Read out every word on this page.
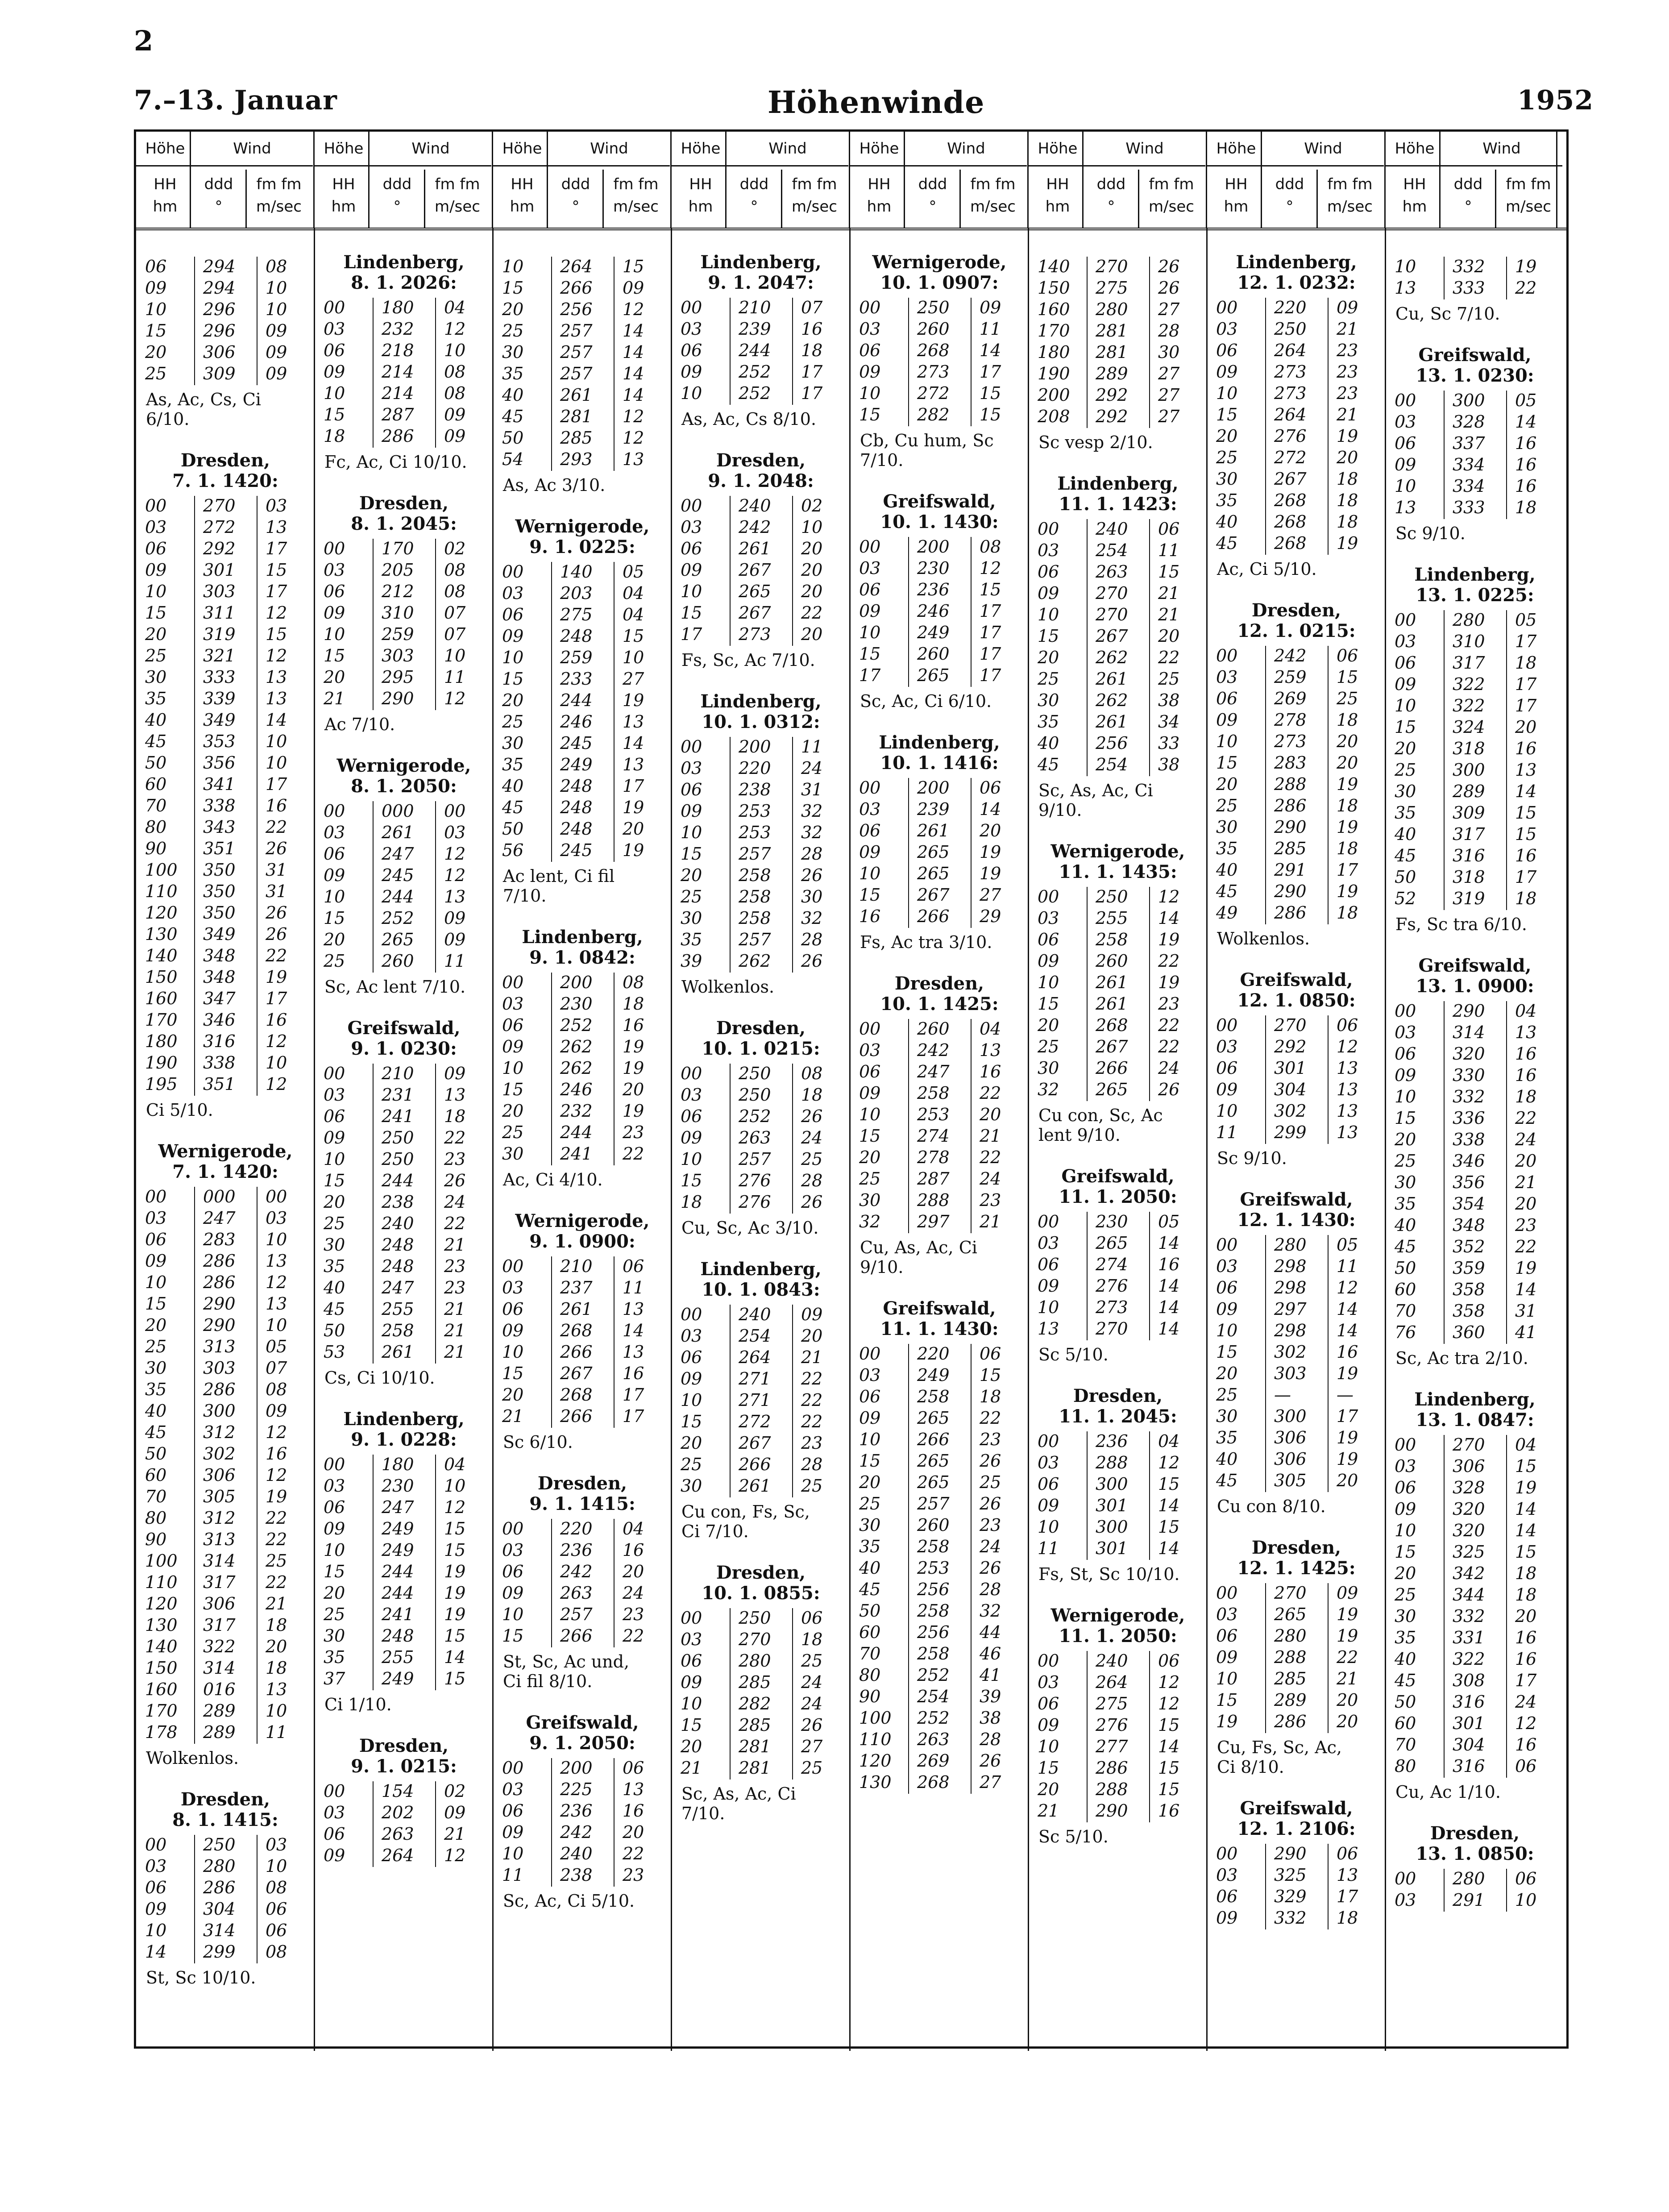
2
7.–13. Januar	Höhenwinde	1952
Höhe	Wind
HH	ddd	fm fm
hm	°	m/sec
Höhe	Wind
HH	ddd	fm fm
hm	°	m/sec
Höhe	Wind
HH	ddd	fm fm
hm	°	m/sec
Höhe	Wind
HH	ddd	fm fm
hm	°	m/sec
Höhe	Wind
HH	ddd	fm fm
hm	°	m/sec
Höhe	Wind
HH	ddd	fm fm
hm	°	m/sec
Höhe	Wind
HH	ddd	fm fm
hm	°	m/sec
Höhe	Wind
HH	ddd	fm fm
hm	°	m/sec
06 294 08
09 294 10
10 296 10
15 296 09
20 306 09
25 309 09
As, Ac, Cs, Ci
6/10.
Dresden,
7. 1. 1420:
00 270 03
03 272 13
06 292 17
09 301 15
10 303 17
15 311 12
20 319 15
25 321 12
30 333 13
35 339 13
40 349 14
45 353 10
50 356 10
60 341 17
70 338 16
80 343 22
90 351 26
100 350 31
110 350 31
120 350 26
130 349 26
140 348 22
150 348 19
160 347 17
170 346 16
180 316 12
190 338 10
195 351 12
Ci 5/10.
Wernigerode,
7. 1. 1420:
00 000 00
03 247 03
06 283 10
09 286 13
10 286 12
15 290 13
20 290 10
25 313 05
30 303 07
35 286 08
40 300 09
45 312 12
50 302 16
60 306 12
70 305 19
80 312 22
90 313 22
100 314 25
110 317 22
120 306 21
130 317 18
140 322 20
150 314 18
160 016 13
170 289 10
178 289 11
Wolkenlos.
Dresden,
8. 1. 1415:
00 250 03
03 280 10
06 286 08
09 304 06
10 314 06
14 299 08
St, Sc 10/10.
Lindenberg,
8. 1. 2026:
00 180 04
03 232 12
06 218 10
09 214 08
10 214 08
15 287 09
18 286 09
Fc, Ac, Ci 10/10.
Dresden,
8. 1. 2045:
00 170 02
03 205 08
06 212 08
09 310 07
10 259 07
15 303 10
20 295 11
21 290 12
Ac 7/10.
Wernigerode,
8. 1. 2050:
00 000 00
03 261 03
06 247 12
09 245 12
10 244 13
15 252 09
20 265 09
25 260 11
Sc, Ac lent 7/10.
Greifswald,
9. 1. 0230:
00 210 09
03 231 13
06 241 18
09 250 22
10 250 23
15 244 26
20 238 24
25 240 22
30 248 21
35 248 23
40 247 23
45 255 21
50 258 21
53 261 21
Cs, Ci 10/10.
Lindenberg,
9. 1. 0228:
00 180 04
03 230 10
06 247 12
09 249 15
10 249 15
15 244 19
20 244 19
25 241 19
30 248 15
35 255 14
37 249 15
Ci 1/10.
Dresden,
9. 1. 0215:
00 154 02
03 202 09
06 263 21
09 264 12
10 264 15
15 266 09
20 256 12
25 257 14
30 257 14
35 257 14
40 261 14
45 281 12
50 285 12
54 293 13
As, Ac 3/10.
Wernigerode,
9. 1. 0225:
00 140 05
03 203 04
06 275 04
09 248 15
10 259 10
15 233 27
20 244 19
25 246 13
30 245 14
35 249 13
40 248 17
45 248 19
50 248 20
56 245 19
Ac lent, Ci fil
7/10.
Lindenberg,
9. 1. 0842:
00 200 08
03 230 18
06 252 16
09 262 19
10 262 19
15 246 20
20 232 19
25 244 23
30 241 22
Ac, Ci 4/10.
Wernigerode,
9. 1. 0900:
00 210 06
03 237 11
06 261 13
09 268 14
10 266 13
15 267 16
20 268 17
21 266 17
Sc 6/10.
Dresden,
9. 1. 1415:
00 220 04
03 236 16
06 242 20
09 263 24
10 257 23
15 266 22
St, Sc, Ac und,
Ci fil 8/10.
Greifswald,
9. 1. 2050:
00 200 06
03 225 13
06 236 16
09 242 20
10 240 22
11 238 23
Sc, Ac, Ci 5/10.
Lindenberg,
9. 1. 2047:
00 210 07
03 239 16
06 244 18
09 252 17
10 252 17
As, Ac, Cs 8/10.
Dresden,
9. 1. 2048:
00 240 02
03 242 10
06 261 20
09 267 20
10 265 20
15 267 22
17 273 20
Fs, Sc, Ac 7/10.
Lindenberg,
10. 1. 0312:
00 200 11
03 220 24
06 238 31
09 253 32
10 253 32
15 257 28
20 258 26
25 258 30
30 258 32
35 257 28
39 262 26
Wolkenlos.
Dresden,
10. 1. 0215:
00 250 08
03 250 18
06 252 26
09 263 24
10 257 25
15 276 28
18 276 26
Cu, Sc, Ac 3/10.
Lindenberg,
10. 1. 0843:
00 240 09
03 254 20
06 264 21
09 271 22
10 271 22
15 272 22
20 267 23
25 266 28
30 261 25
Cu con, Fs, Sc,
Ci 7/10.
Dresden,
10. 1. 0855:
00 250 06
03 270 18
06 280 25
09 285 24
10 282 24
15 285 26
20 281 27
21 281 25
Sc, As, Ac, Ci
7/10.
Wernigerode,
10. 1. 0907:
00 250 09
03 260 11
06 268 14
09 273 17
10 272 15
15 282 15
Cb, Cu hum, Sc
7/10.
Greifswald,
10. 1. 1430:
00 200 08
03 230 12
06 236 15
09 246 17
10 249 17
15 260 17
17 265 17
Sc, Ac, Ci 6/10.
Lindenberg,
10. 1. 1416:
00 200 06
03 239 14
06 261 20
09 265 19
10 265 19
15 267 27
16 266 29
Fs, Ac tra 3/10.
Dresden,
10. 1. 1425:
00 260 04
03 242 13
06 247 16
09 258 22
10 253 20
15 274 21
20 278 22
25 287 24
30 288 23
32 297 21
Cu, As, Ac, Ci
9/10.
Greifswald,
11. 1. 1430:
00 220 06
03 249 15
06 258 18
09 265 22
10 266 23
15 265 26
20 265 25
25 257 26
30 260 23
35 258 24
40 253 26
45 256 28
50 258 32
60 256 44
70 258 46
80 252 41
90 254 39
100 252 38
110 263 28
120 269 26
130 268 27
140 270 26
150 275 26
160 280 27
170 281 28
180 281 30
190 289 27
200 292 27
208 292 27
Sc vesp 2/10.
Lindenberg,
11. 1. 1423:
00 240 06
03 254 11
06 263 15
09 270 21
10 270 21
15 267 20
20 262 22
25 261 25
30 262 38
35 261 34
40 256 33
45 254 38
Sc, As, Ac, Ci
9/10.
Wernigerode,
11. 1. 1435:
00 250 12
03 255 14
06 258 19
09 260 22
10 261 19
15 261 23
20 268 22
25 267 22
30 266 24
32 265 26
Cu con, Sc, Ac
lent 9/10.
Greifswald,
11. 1. 2050:
00 230 05
03 265 14
06 274 16
09 276 14
10 273 14
13 270 14
Sc 5/10.
Dresden,
11. 1. 2045:
00 236 04
03 288 12
06 300 15
09 301 14
10 300 15
11 301 14
Fs, St, Sc 10/10.
Wernigerode,
11. 1. 2050:
00 240 06
03 264 12
06 275 12
09 276 15
10 277 14
15 286 15
20 288 15
21 290 16
Sc 5/10.
Lindenberg,
12. 1. 0232:
00 220 09
03 250 21
06 264 23
09 273 23
10 273 23
15 264 21
20 276 19
25 272 20
30 267 18
35 268 18
40 268 18
45 268 19
Ac, Ci 5/10.
Dresden,
12. 1. 0215:
00 242 06
03 259 15
06 269 25
09 278 18
10 273 20
15 283 20
20 288 19
25 286 18
30 290 19
35 285 18
40 291 17
45 290 19
49 286 18
Wolkenlos.
Greifswald,
12. 1. 0850:
00 270 06
03 292 12
06 301 13
09 304 13
10 302 13
11 299 13
Sc 9/10.
Greifswald,
12. 1. 1430:
00 280 05
03 298 11
06 298 12
09 297 14
10 298 14
15 302 16
20 303 19
25 —	—
30 300 17
35 306 19
40 306 19
45 305 20
Cu con 8/10.
Dresden,
12. 1. 1425:
00 270 09
03 265 19
06 280 19
09 288 22
10 285 21
15 289 20
19 286 20
Cu, Fs, Sc, Ac,
Ci 8/10.
Greifswald,
12. 1. 2106:
00 290 06
03 325 13
06 329 17
09 332 18
10 332 19
13 333 22
Cu, Sc 7/10.
Greifswald,
13. 1. 0230:
00 300 05
03 328 14
06 337 16
09 334 16
10 334 16
13 333 18
Sc 9/10.
Lindenberg,
13. 1. 0225:
00 280 05
03 310 17
06 317 18
09 322 17
10 322 17
15 324 20
20 318 16
25 300 13
30 289 14
35 309 15
40 317 15
45 316 16
50 318 17
52 319 18
Fs, Sc tra 6/10.
Greifswald,
13. 1. 0900:
00 290 04
03 314 13
06 320 16
09 330 16
10 332 18
15 336 22
20 338 24
25 346 20
30 356 21
35 354 20
40 348 23
45 352 22
50 359 19
60 358 14
70 358 31
76 360 41
Sc, Ac tra 2/10.
Lindenberg,
13. 1. 0847:
00 270 04
03 306 15
06 328 19
09 320 14
10 320 14
15 325 15
20 342 18
25 344 18
30 332 20
35 331 16
40 322 16
45 308 17
50 316 24
60 301 12
70 304 16
80 316 06
Cu, Ac 1/10.
Dresden,
13. 1. 0850:
00 280 06
03 291 10
